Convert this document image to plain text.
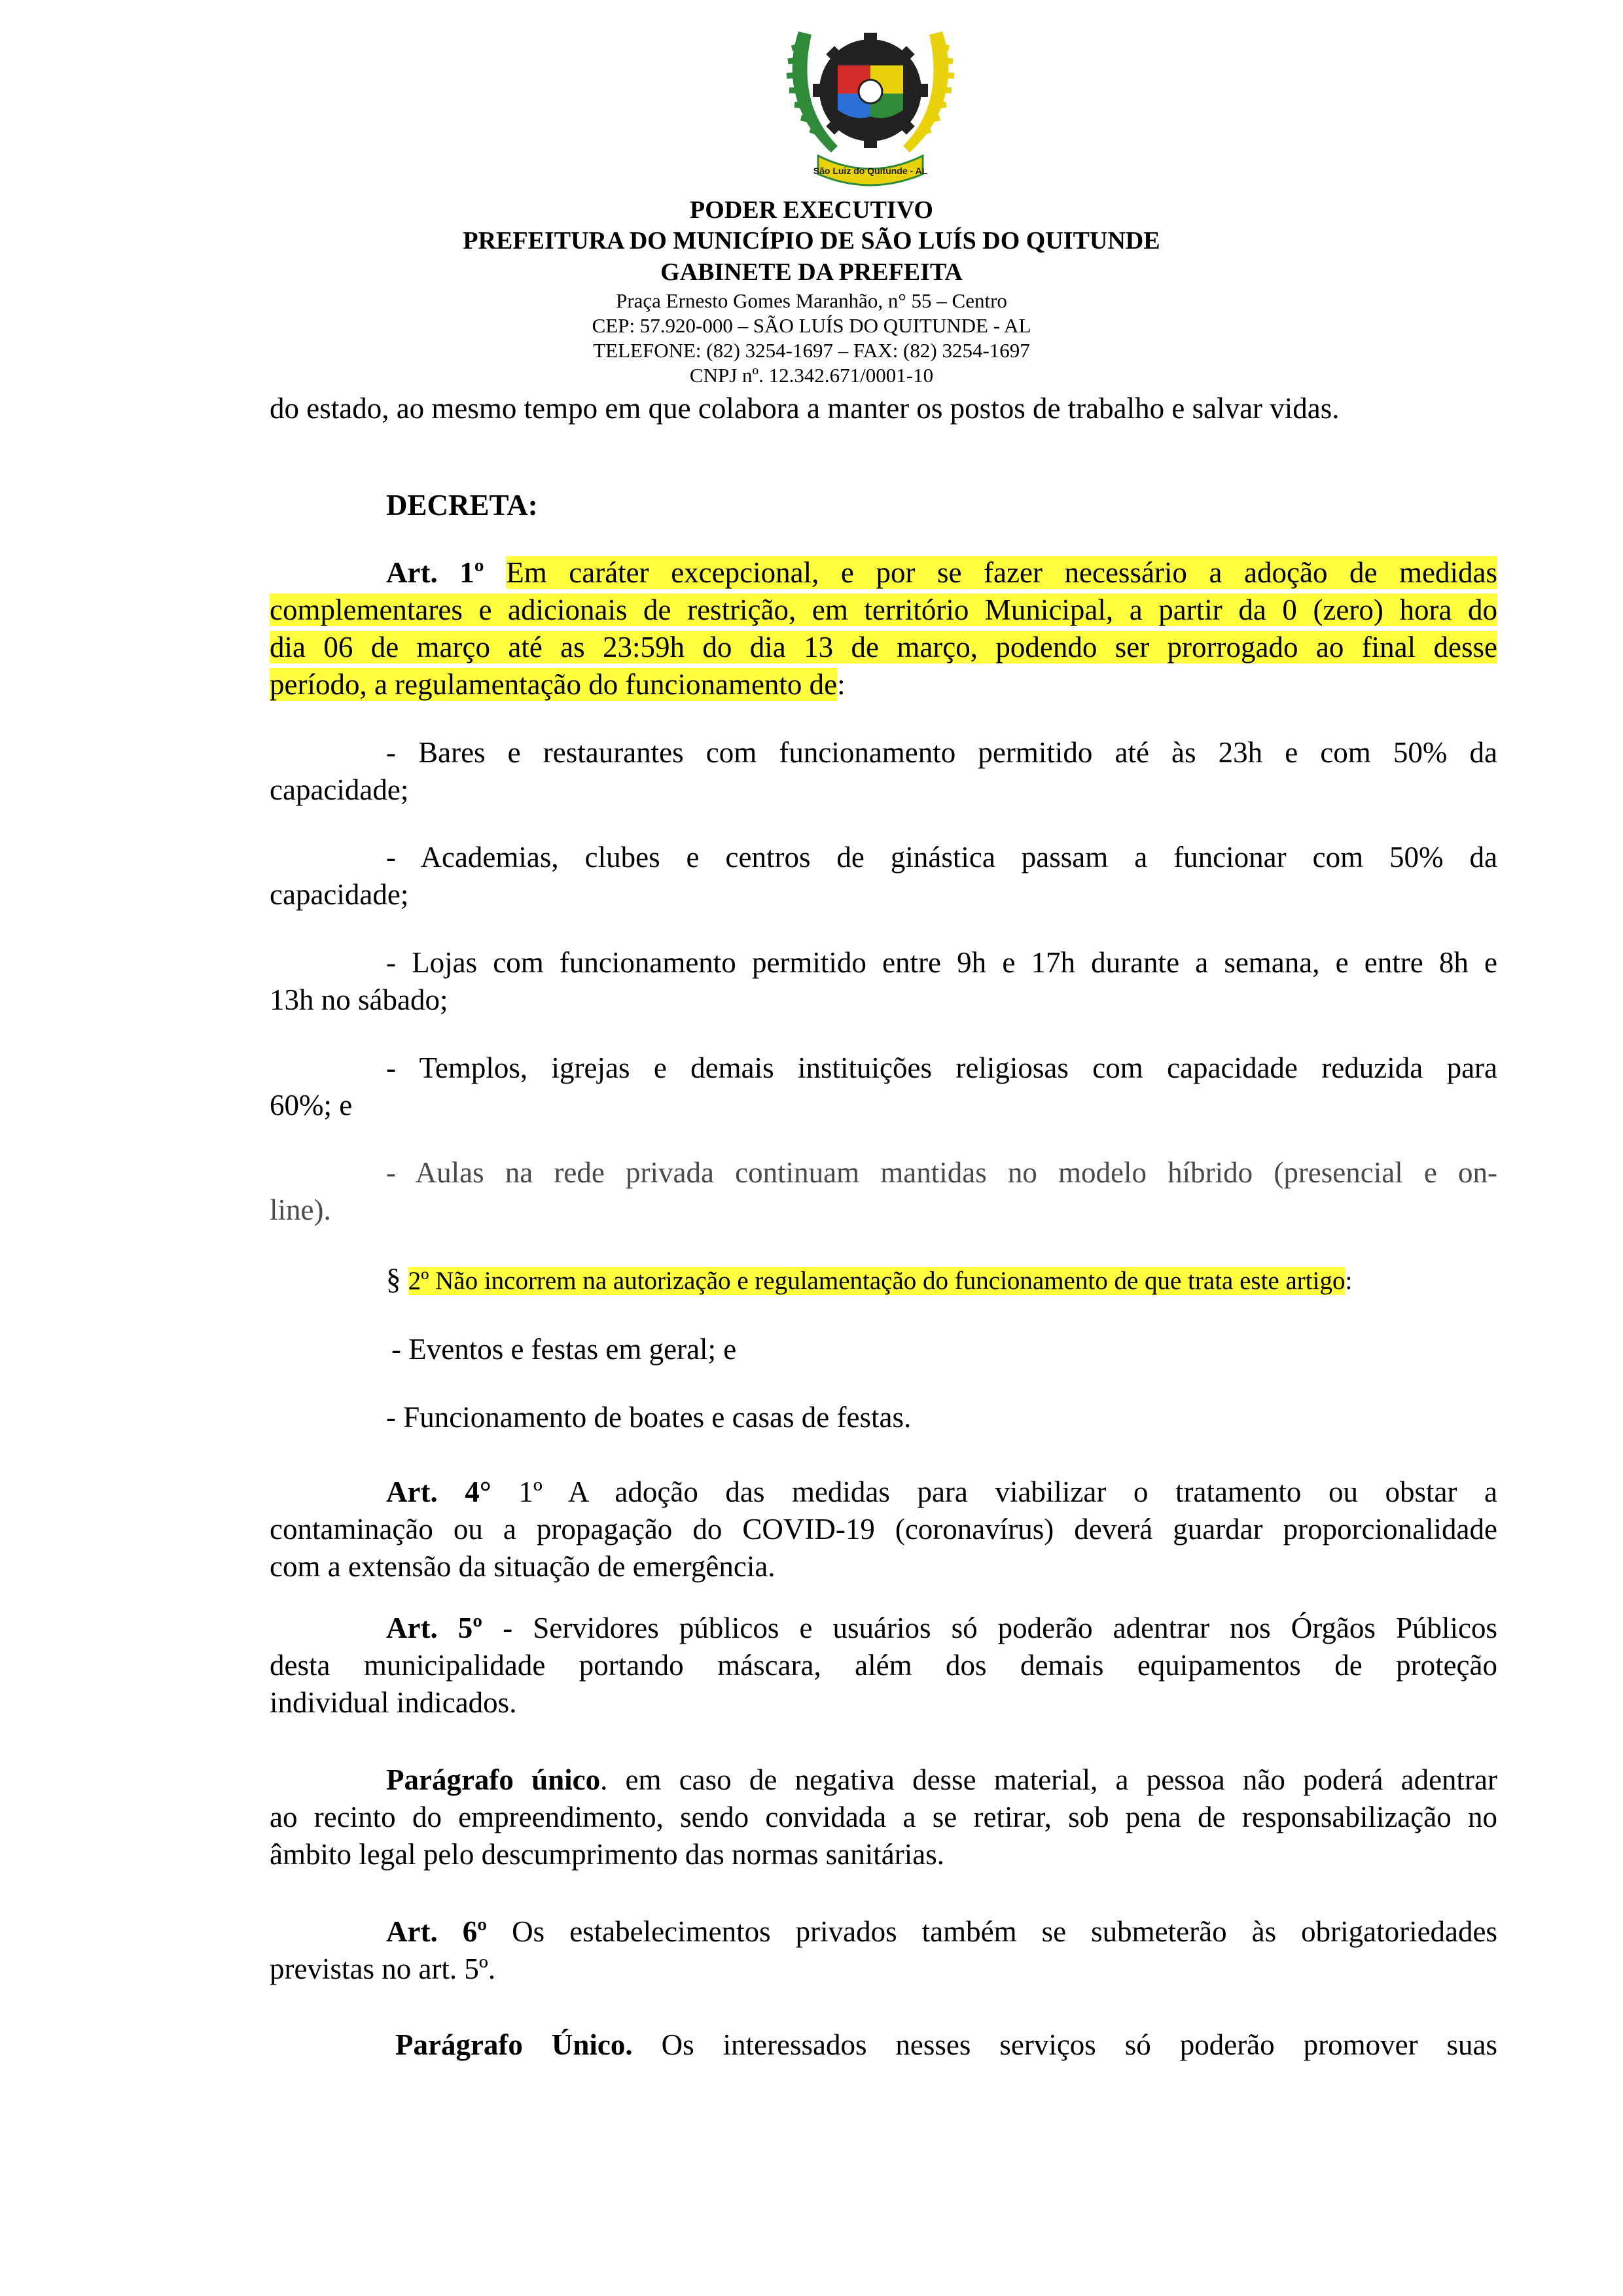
São Luiz do Quitunde - AL
PODER EXECUTIVO
PREFEITURA DO MUNICÍPIO DE SÃO LUÍS DO QUITUNDE
GABINETE DA PREFEITA
Praça Ernesto Gomes Maranhão, n° 55 – Centro
CEP: 57.920-000 – SÃO LUÍS DO QUITUNDE - AL
TELEFONE: (82) 3254-1697 – FAX: (82) 3254-1697
CNPJ nº. 12.342.671/0001-10
do estado, ao mesmo tempo em que colabora a manter os postos de trabalho e salvar vidas.
DECRETA:
Art. 1º Em caráter excepcional, e por se fazer necessário a adoção de medidas
complementares e adicionais de restrição, em território Municipal, a partir da 0 (zero) hora do
dia 06 de março até as 23:59h do dia 13 de março, podendo ser prorrogado ao final desse
período, a regulamentação do funcionamento de:
- Bares e restaurantes com funcionamento permitido até às 23h e com 50% da
capacidade;
- Academias, clubes e centros de ginástica passam a funcionar com 50% da
capacidade;
- Lojas com funcionamento permitido entre 9h e 17h durante a semana, e entre 8h e
13h no sábado;
- Templos, igrejas e demais instituições religiosas com capacidade reduzida para
60%; e
- Aulas na rede privada continuam mantidas no modelo híbrido (presencial e on-
line).
§ 2º Não incorrem na autorização e regulamentação do funcionamento de que trata este artigo:
- Eventos e festas em geral; e
- Funcionamento de boates e casas de festas.
Art. 4° 1º A adoção das medidas para viabilizar o tratamento ou obstar a
contaminação ou a propagação do COVID-19 (coronavírus) deverá guardar proporcionalidade
com a extensão da situação de emergência.
Art. 5º - Servidores públicos e usuários só poderão adentrar nos Órgãos Públicos
desta municipalidade portando máscara, além dos demais equipamentos de proteção
individual indicados.
Parágrafo único. em caso de negativa desse material, a pessoa não poderá adentrar
ao recinto do empreendimento, sendo convidada a se retirar, sob pena de responsabilização no
âmbito legal pelo descumprimento das normas sanitárias.
Art. 6º Os estabelecimentos privados também se submeterão às obrigatoriedades
previstas no art. 5º.
Parágrafo Único. Os interessados nesses serviços só poderão promover suas
